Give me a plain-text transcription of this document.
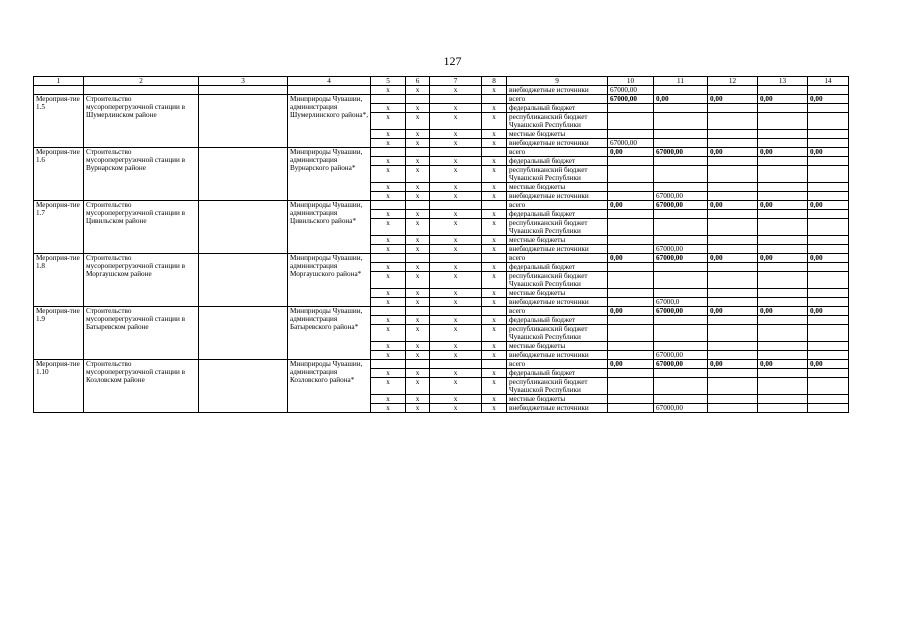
127
1	2	3	4	5	6	7	8	9	10	11	12	13	14
				x	x	x	x	внебюджетные источники	67000,00				
Мероприя-тие 1.5	Строительство мусороперегрузочной станции в Шумерлинском районе		Минприроды Чувашии, администрация Шумерлинского района*,					всего	67000,00	0,00	0,00	0,00	0,00
				x	x	x	x	федеральный бюджет					
				x	x	x	x	республиканский бюджет Чувашской Республики					
				x	x	x	x	местные бюджеты					
				x	x	x	x	внебюджетные источники	67000,00				
Мероприя-тие 1.6	Строительство мусороперегрузочной станции в Вурнарском районе		Минприроды Чувашии, администрация Вурнарского района*					всего	0,00	67000,00	0,00	0,00	0,00
				x	x	x	x	федеральный бюджет					
				x	x	x	x	республиканский бюджет Чувашской Республики					
				x	x	x	x	местные бюджеты					
				x	x	x	x	внебюджетные источники		67000,00			
Мероприя-тие 1.7	Строительство мусороперегрузочной станции в Цивильском районе		Минприроды Чувашии, администрация Цивильского района*					всего	0,00	67000,00	0,00	0,00	0,00
				x	x	x	x	федеральный бюджет					
				x	x	x	x	республиканский бюджет Чувашской Республики					
				x	x	x	x	местные бюджеты					
				x	x	x	x	внебюджетные источники		67000,00			
Мероприя-тие 1.8	Строительство мусороперегрузочной станции в Моргаушском районе		Минприроды Чувашии, администрация Моргаушского района*					всего	0,00	67000,00	0,00	0,00	0,00
				x	x	x	x	федеральный бюджет					
				x	x	x	x	республиканский бюджет Чувашской Республики					
				x	x	x	x	местные бюджеты					
				x	x	x	x	внебюджетные источники		67000,0			
Мероприя-тие 1.9	Строительство мусороперегрузочной станции в Батыревском районе		Минприроды Чувашии, администрация Батыревского района*					всего	0,00	67000,00	0,00	0,00	0,00
				x	x	x	x	федеральный бюджет					
				x	x	x	x	республиканский бюджет Чувашской Республики					
				x	x	x	x	местные бюджеты					
				x	x	x	x	внебюджетные источники		67000,00			
Мероприя-тие 1.10	Строительство мусороперегрузочной станции в Козловском районе		Минприроды Чувашии, администрация Козловского района*					всего	0,00	67000,00	0,00	0,00	0,00
				x	x	x	x	федеральный бюджет					
				x	x	x	x	республиканский бюджет Чувашской Республики					
				x	x	x	x	местные бюджеты					
				x	x	x	x	внебюджетные источники		67000,00			
